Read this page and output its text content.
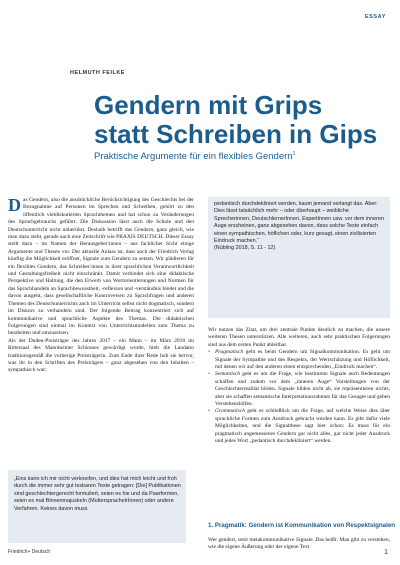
ESSAY
HELMUTH FEILKE
Gendern mit Grips
statt Schreiben in Gips
Praktische Argumente für ein flexibles Gendern$^1$

Das Gendern, also die ausdrückliche Berücksichtigung des Geschlechts bei der Bezugnahme auf Personen im Sprechen und Schreiben, gehört zu den öffentlich vieldiskutierten Sprachthemen und hat schon zu Veränderungen des Sprachgebrauchs geführt. Die Diskussion lässt auch die Schule und den Deutschunterricht nicht unberührt. Deshalb betrifft das Gendern, ganz gleich, wie man dazu steht, gerade auch eine Zeitschrift wie PRAXIS DEUTSCH. Dieser Essay stellt dazu – im Namen der Herausgeber:innen – aus fachlicher Sicht einige Argumente und Thesen vor. Der aktuelle Anlass ist, dass auch der Friedrich Verlag künftig die Möglichkeit eröffnet, Signale zum Gendern zu setzen. Wir plädieren für ein flexibles Gendern, das Schreiber:innen in ihrer sprachlichen Verantwortlichkeit und Gestaltungsfreiheit nicht einschränkt. Damit verbindet sich eine didaktische Perspektive und Haltung, die den Erwerb von Wortorientierungen und Normen für das Sprachhandeln an Sprachbewusstheit, -reflexion und -verständnis bindet und die davon ausgeht, dass gesellschaftliche Kontroversen zu Sprachfragen und anderen Themen des Deutschunterrichts auch im Unterricht selbst nicht dogmatisch, sondern im Diskurs zu verhandeln sind. Der folgende Beitrag konzentriert sich auf kommunikative und sprachliche Aspekte des Themas. Die didaktischen Folgerungen sind einmal im Kontext von Unterrichtsmodellen zum Thema zu bearbeiten und umzusetzen.

Als der Duden-Preisträger des Jahres 2017 – ein Mann – im März 2018 im Rittersaal des Mannheimer Schlosses gewürdigt wurde, hielt die Laudatio traditionsgemäß die vorherige Preisträgerin. Zum Ende ihrer Rede hob sie hervor, was ihr in den Schriften des Preisträgers – ganz abgesehen von den Inhalten – sympathisch war:

„Eins kann ich mir nicht verkneifen, und dies hat mich leicht und froh durch die immer sehr gut lesbaren Texte getragen: [Die] Publikationen sind geschlechtergerecht formuliert, seien es hie und da Paarformen, seien es mal Binnenmajuskeln (MutterspracheIrInnen) oder andere Verfahren. Keines davon muss
pedantisch durchdekliniert werden, kaum jemand verlangt das. Aber: Dies lässt tatsächlich mehr – oder überhaupt – weibliche Sprecherinnen, DeutschlernerInnen, ExpertInnen usw. vor dem inneren Auge erscheinen, ganz abgesehen davon, dass solche Texte einfach einen sympathischen, höflichen oder, kurz gesagt, einen zivilisierten Eindruck machen.“
(Nübling 2018, S. 11 - 12)

Wir nutzen das Zitat, um drei zentrale Punkte deutlich zu machen, die unsere weiteren Thesen unterstützen. Alle weiteren, auch sehr praktischen Folgerungen sind aus dem ersten Punkt ableitbar.

• Pragmatisch geht es beim Gendern um Signalkommunikation. Es geht um Signale der Sympathie und des Respekts, der Wertschätzung und Höflichkeit, mit denen wir auf den anderen einen entsprechenden „Eindruck machen“.
• Semantisch geht es um die Frage, wie bestimmte Signale auch Bedeutungen schaffen und zudem vor dem „inneren Auge“ Vorstellungen von der Geschlechterrealität bilden. Signale bilden nicht ab, sie repräsentieren nichts, aber sie schaffen semantische Interpretationsrahmen für das Gesagte und geben Verstehenshilfen.
• Grammatisch geht es schließlich um die Frage, auf welche Weise dies über sprachliche Formen zum Ausdruck gebracht werden kann. Es gibt dafür viele Möglichkeiten, und die Signalthese sagt hier schon: Es muss für ein pragmatisch angemessenes Gendern gar nicht alles, gar nicht jeder Ausdruck und jedes Wort „pedantisch durchdekliniert“ werden.
1. Pragmatik: Gendern ist Kommunikation von Respektsignalen
Wer gendert, setzt metakommunikative Signale. Das heißt: Man gibt zu verstehen, wie die eigene Äußerung oder der eigene Text
Friedrich+ Deutsch	1
